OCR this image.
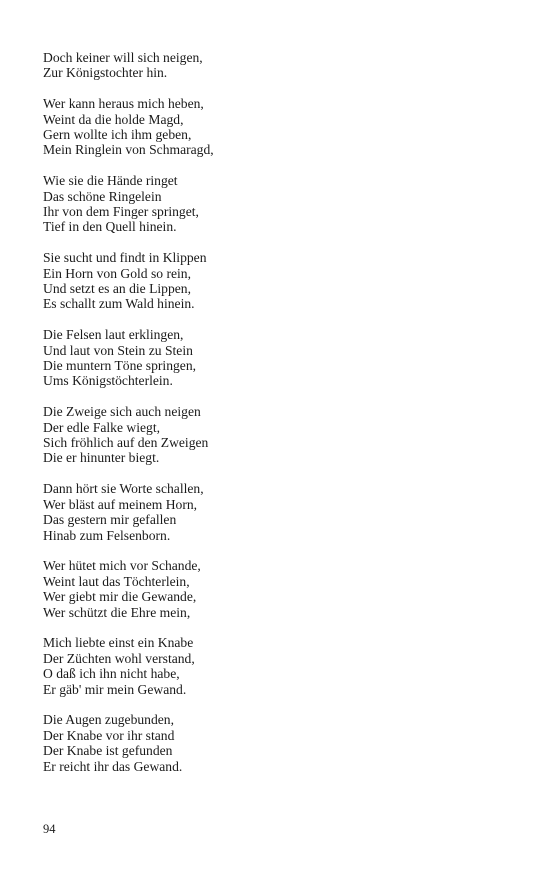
Doch keiner will sich neigen,
Zur Königstochter hin.
Wer kann heraus mich heben,
Weint da die holde Magd,
Gern wollte ich ihm geben,
Mein Ringlein von Schmaragd,
Wie sie die Hände ringet
Das schöne Ringelein
Ihr von dem Finger springet,
Tief in den Quell hinein.
Sie sucht und findt in Klippen
Ein Horn von Gold so rein,
Und setzt es an die Lippen,
Es schallt zum Wald hinein.
Die Felsen laut erklingen,
Und laut von Stein zu Stein
Die muntern Töne springen,
Ums Königstöchterlein.
Die Zweige sich auch neigen
Der edle Falke wiegt,
Sich fröhlich auf den Zweigen
Die er hinunter biegt.
Dann hört sie Worte schallen,
Wer bläst auf meinem Horn,
Das gestern mir gefallen
Hinab zum Felsenborn.
Wer hütet mich vor Schande,
Weint laut das Töchterlein,
Wer giebt mir die Gewande,
Wer schützt die Ehre mein,
Mich liebte einst ein Knabe
Der Züchten wohl verstand,
O daß ich ihn nicht habe,
Er gäb' mir mein Gewand.
Die Augen zugebunden,
Der Knabe vor ihr stand
Der Knabe ist gefunden
Er reicht ihr das Gewand.
94
